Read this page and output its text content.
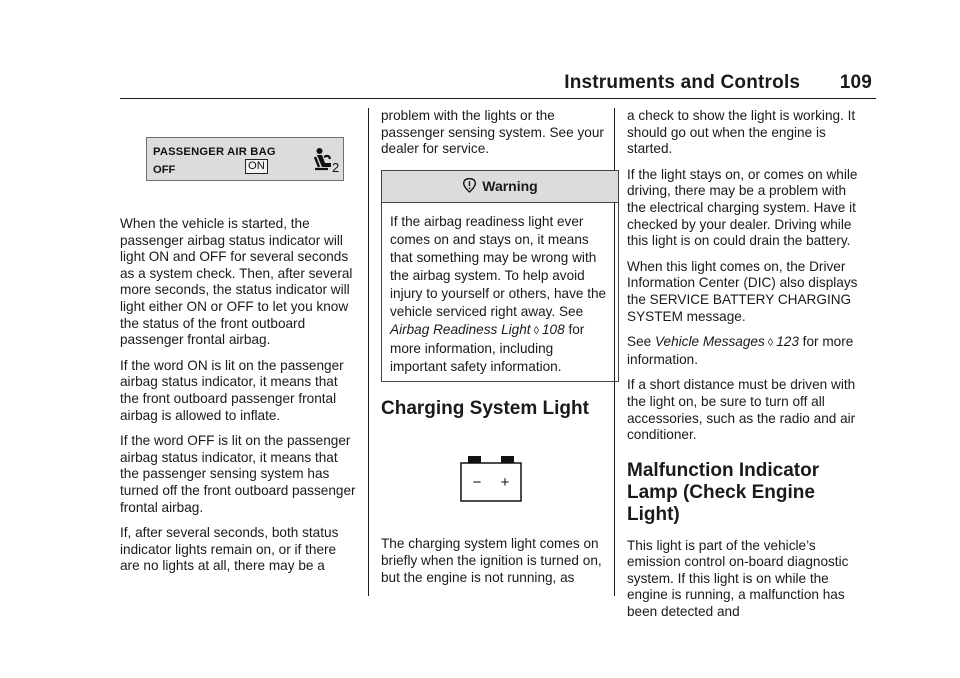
Instruments and Controls 109
PASSENGER AIR BAG
OFF	ON	2

When the vehicle is started, the passenger airbag status indicator will light ON and OFF for several seconds as a system check. Then, after several more seconds, the status indicator will light either ON or OFF to let you know the status of the front outboard passenger frontal airbag.

If the word ON is lit on the passenger airbag status indicator, it means that the front outboard passenger frontal airbag is allowed to inflate.

If the word OFF is lit on the passenger airbag status indicator, it means that the passenger sensing system has turned off the front outboard passenger frontal airbag.

If, after several seconds, both status indicator lights remain on, or if there are no lights at all, there may be a

problem with the lights or the passenger sensing system. See your dealer for service.

Warning

If the airbag readiness light ever comes on and stays on, it means that something may be wrong with the airbag system. To help avoid injury to yourself or others, have the vehicle serviced right away. See Airbag Readiness Light ◊ 108 for more information, including important safety information.

Charging System Light
− +

The charging system light comes on briefly when the ignition is turned on, but the engine is not running, as

a check to show the light is working. It should go out when the engine is started.

If the light stays on, or comes on while driving, there may be a problem with the electrical charging system. Have it checked by your dealer. Driving while this light is on could drain the battery.

When this light comes on, the Driver Information Center (DIC) also displays the SERVICE BATTERY CHARGING SYSTEM message.

See Vehicle Messages ◊ 123 for more information.

If a short distance must be driven with the light on, be sure to turn off all accessories, such as the radio and air conditioner.

Malfunction Indicator Lamp (Check Engine Light)

This light is part of the vehicle’s emission control on-board diagnostic system. If this light is on while the engine is running, a malfunction has been detected and
